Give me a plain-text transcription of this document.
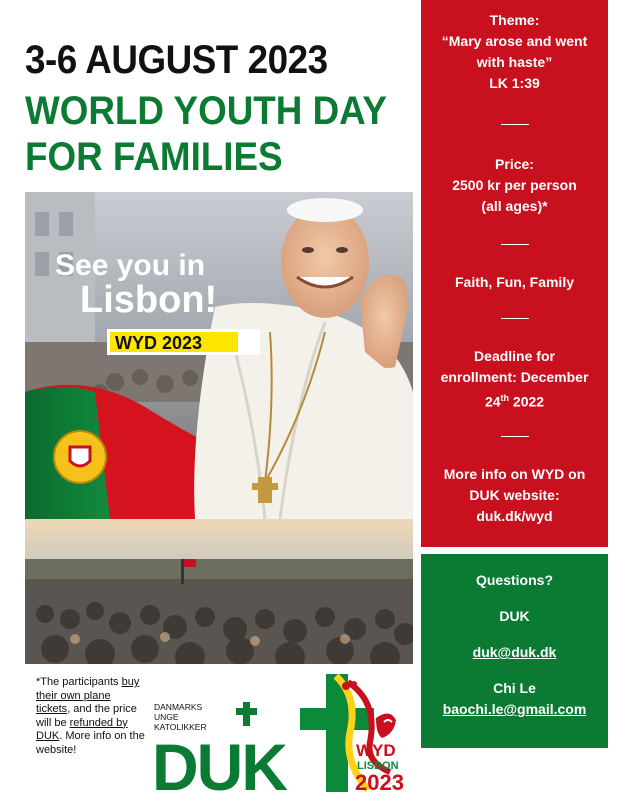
3-6 AUGUST 2023
WORLD YOUTH DAY
FOR FAMILIES
See you in
Lisbon!
WYD 2023
Theme:
“Mary arose and went
with haste”
LK 1:39
Price:
2500 kr per person
(all ages)*
Faith, Fun, Family
Deadline for
enrollment: December
24th 2022
More info on WYD on
DUK website:
duk.dk/wyd
Questions?
DUK
duk@duk.dk
Chi Le
baochi.le@gmail.com
*The participants buy their own plane tickets, and the price will be refunded by DUK. More info on the website!
DANMARKS
UNGE
KATOLIKKER
DUK	WYD
LISBON
2023
